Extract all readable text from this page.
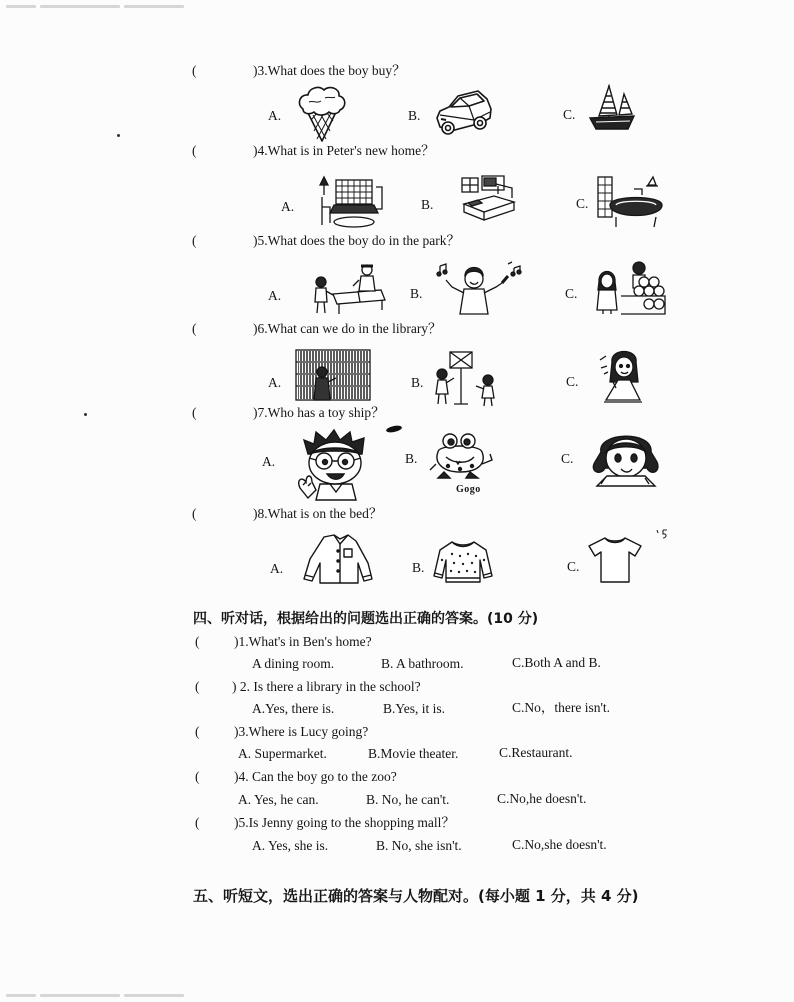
(	)3.What does the boy buy？
A.	B.	C.
(	)4.What is in Peter's new home？
A.	B.	C.
(	)5.What does the boy do in the park？
A.	B.	C.
(	)6.What can we do in the library？
A.	B.	C.
(	)7.Who has a toy ship？
A.	B.
Gogo
C.
(	)8.What is on the bed？
A.	B.	C.
四、听对话，根据给出的问题选出正确的答案。(10 分)
(	)1.What's in Ben's home?
A dining room.	B. A bathroom.	C.Both A and B.
( ) 2. Is there a library in the school?
A.Yes, there is.	B.Yes, it is.	C.No，there isn't.
(	)3.Where is Lucy going?
A. Supermarket.	B.Movie theater.	C.Restaurant.
(	)4. Can the boy go to the zoo?
A. Yes, he can.	B. No, he can't.	C.No,he doesn't.
(	)5.Is Jenny going to the shopping mall？
A. Yes, she is.	B. No, she isn't.	C.No,she doesn't.
五、听短文，选出正确的答案与人物配对。(每小题 1 分，共 4 分)
